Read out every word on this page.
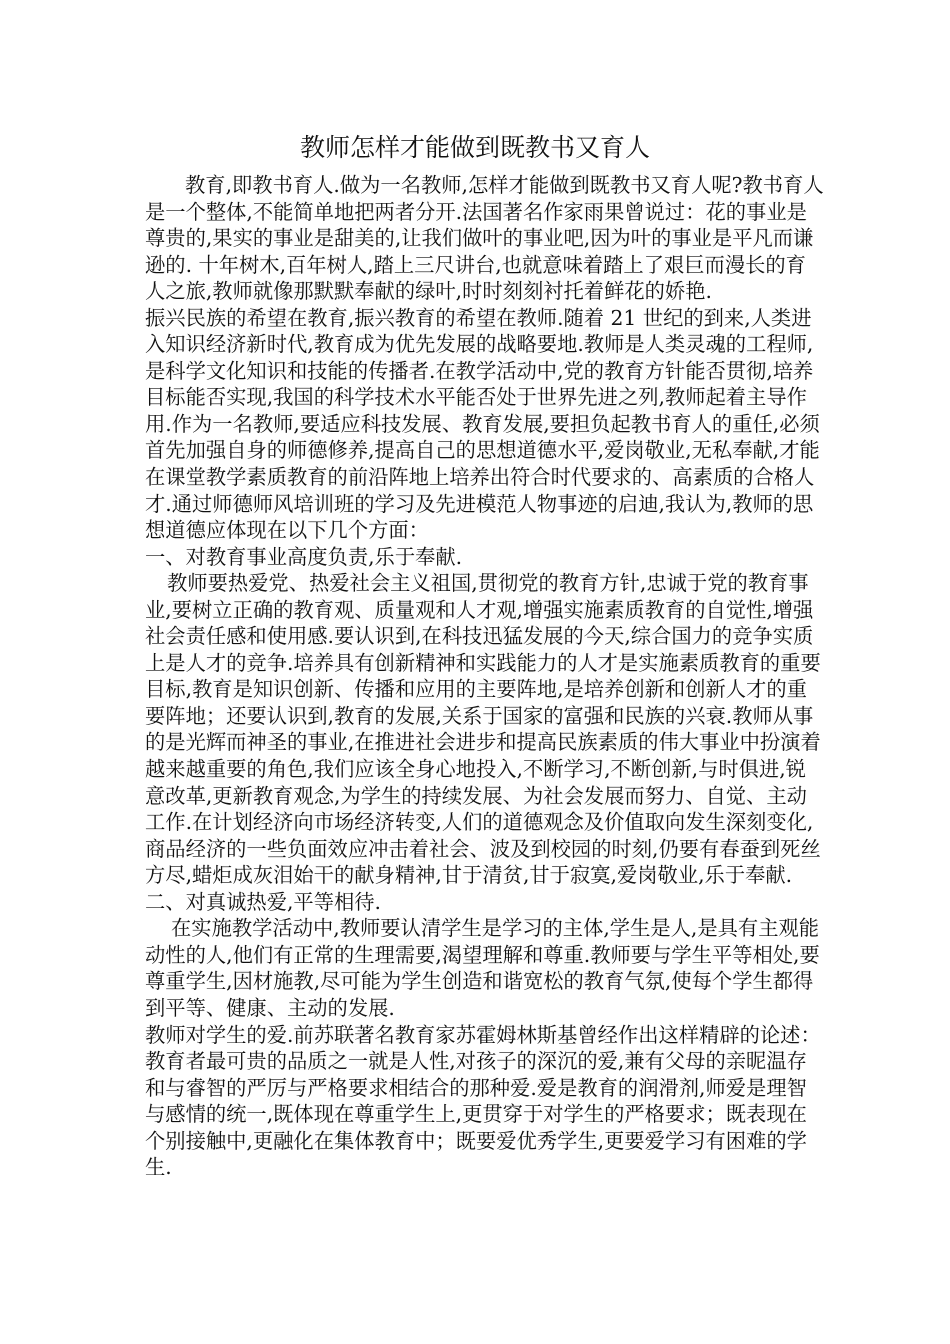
教师怎样才能做到既教书又育人

教育,即教书育人.做为一名教师,怎样才能做到既教书又育人呢?教书育人是一个整体,不能简单地把两者分开.法国著名作家雨果曾说过：花的事业是尊贵的,果实的事业是甜美的,让我们做叶的事业吧,因为叶的事业是平凡而谦逊的. 十年树木,百年树人,踏上三尺讲台,也就意味着踏上了艰巨而漫长的育人之旅,教师就像那默默奉献的绿叶,时时刻刻衬托着鲜花的娇艳.

振兴民族的希望在教育,振兴教育的希望在教师.随着 21 世纪的到来,人类进入知识经济新时代,教育成为优先发展的战略要地.教师是人类灵魂的工程师,是科学文化知识和技能的传播者.在教学活动中,党的教育方针能否贯彻,培养目标能否实现,我国的科学技术水平能否处于世界先进之列,教师起着主导作用.作为一名教师,要适应科技发展、教育发展,要担负起教书育人的重任,必须首先加强自身的师德修养,提高自己的思想道德水平,爱岗敬业,无私奉献,才能在课堂教学素质教育的前沿阵地上培养出符合时代要求的、高素质的合格人才.通过师德师风培训班的学习及先进模范人物事迹的启迪,我认为,教师的思想道德应体现在以下几个方面：

一、对教育事业高度负责,乐于奉献.

教师要热爱党、热爱社会主义祖国,贯彻党的教育方针,忠诚于党的教育事业,要树立正确的教育观、质量观和人才观,增强实施素质教育的自觉性,增强社会责任感和使用感.要认识到,在科技迅猛发展的今天,综合国力的竞争实质上是人才的竞争.培养具有创新精神和实践能力的人才是实施素质教育的重要目标,教育是知识创新、传播和应用的主要阵地,是培养创新和创新人才的重要阵地；还要认识到,教育的发展,关系于国家的富强和民族的兴衰.教师从事的是光辉而神圣的事业,在推进社会进步和提高民族素质的伟大事业中扮演着越来越重要的角色,我们应该全身心地投入,不断学习,不断创新,与时俱进,锐意改革,更新教育观念,为学生的持续发展、为社会发展而努力、自觉、主动工作.在计划经济向市场经济转变,人们的道德观念及价值取向发生深刻变化,商品经济的一些负面效应冲击着社会、波及到校园的时刻,仍要有春蚕到死丝方尽,蜡炬成灰泪始干的献身精神,甘于清贫,甘于寂寞,爱岗敬业,乐于奉献.

二、对真诚热爱,平等相待.

在实施教学活动中,教师要认清学生是学习的主体,学生是人,是具有主观能动性的人,他们有正常的生理需要,渴望理解和尊重.教师要与学生平等相处,要尊重学生,因材施教,尽可能为学生创造和谐宽松的教育气氛,使每个学生都得到平等、健康、主动的发展.

教师对学生的爱.前苏联著名教育家苏霍姆林斯基曾经作出这样精辟的论述：教育者最可贵的品质之一就是人性,对孩子的深沉的爱,兼有父母的亲昵温存和与睿智的严厉与严格要求相结合的那种爱.爱是教育的润滑剂,师爱是理智与感情的统一,既体现在尊重学生上,更贯穿于对学生的严格要求；既表现在个别接触中,更融化在集体教育中；既要爱优秀学生,更要爱学习有困难的学生.
